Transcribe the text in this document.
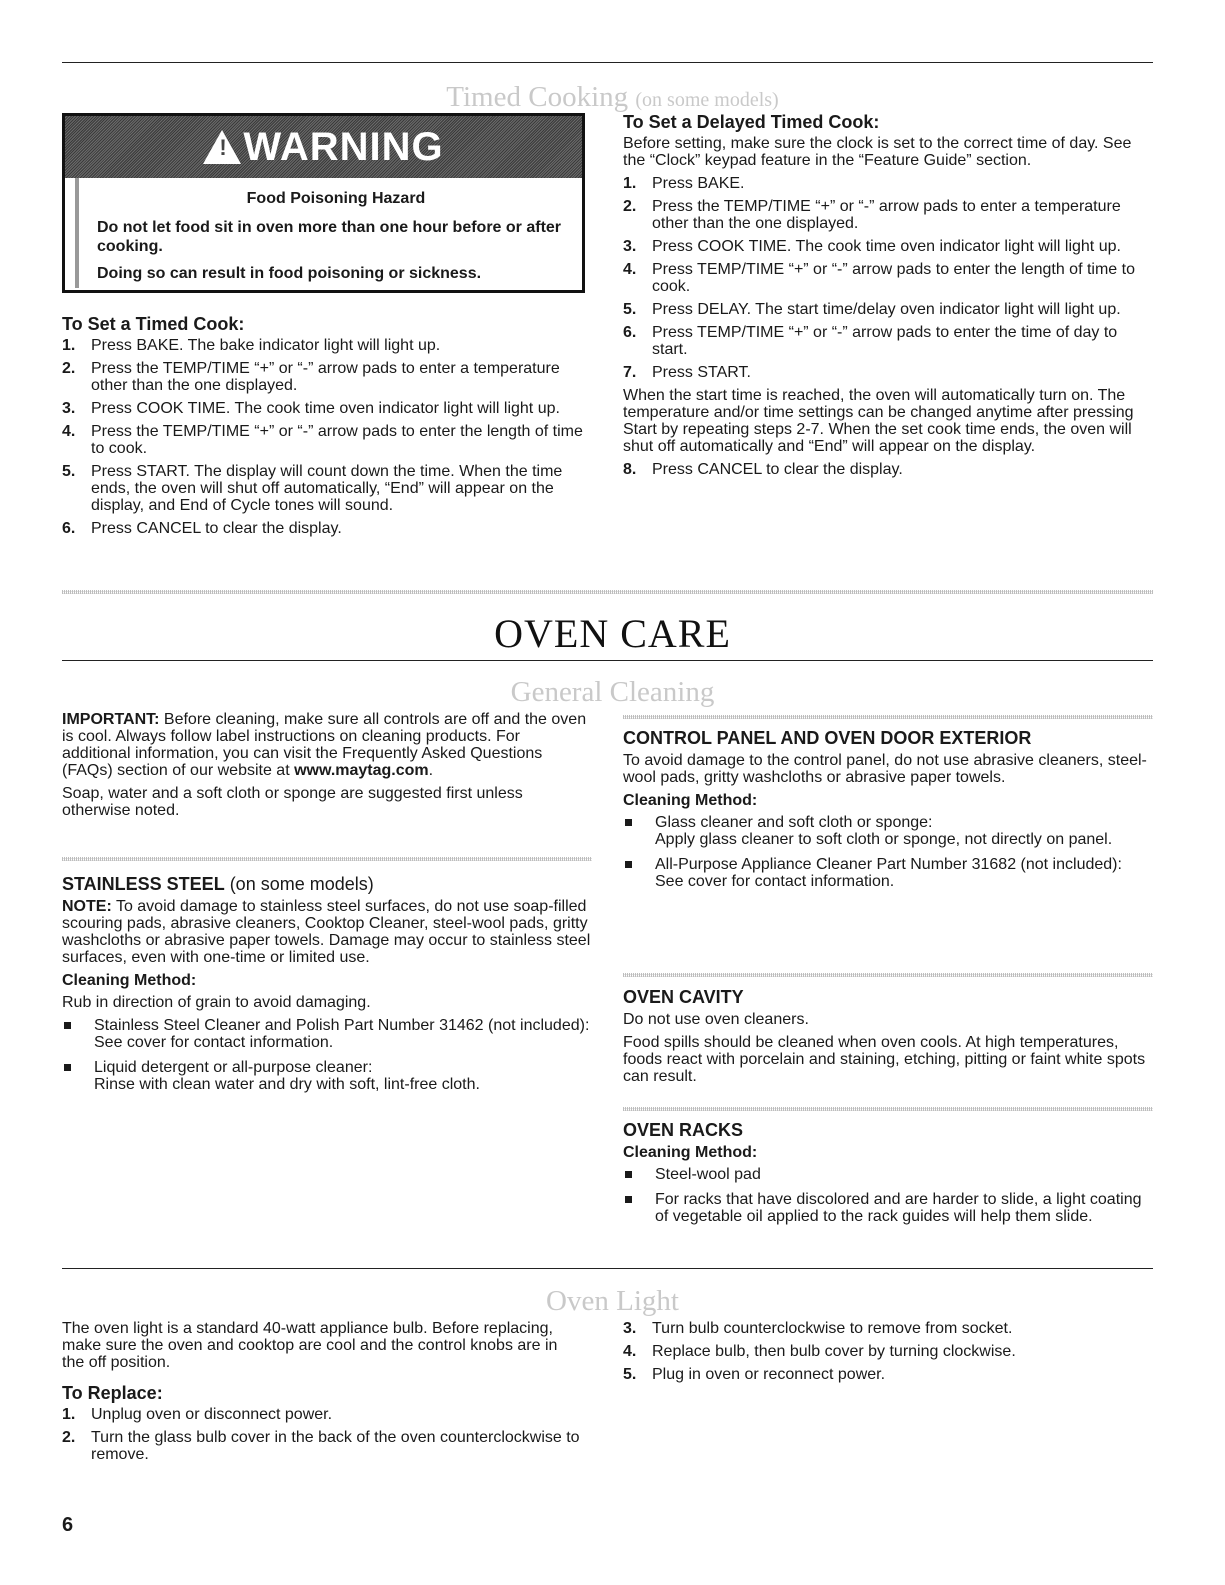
Timed Cooking (on some models)
! WARNING
Food Poisoning Hazard

Do not let food sit in oven more than one hour before or after cooking.

Doing so can result in food poisoning or sickness.

To Set a Timed Cook:
1. Press BAKE. The bake indicator light will light up.
2. Press the TEMP/TIME “+” or “-” arrow pads to enter a temperature other than the one displayed.
3. Press COOK TIME. The cook time oven indicator light will light up.
4. Press the TEMP/TIME “+” or “-” arrow pads to enter the length of time to cook.
5. Press START. The display will count down the time. When the time ends, the oven will shut off automatically, “End” will appear on the display, and End of Cycle tones will sound.
6. Press CANCEL to clear the display.
To Set a Delayed Timed Cook:

Before setting, make sure the clock is set to the correct time of day. See the “Clock” keypad feature in the “Feature Guide” section.

1. Press BAKE.
2. Press the TEMP/TIME “+” or “-” arrow pads to enter a temperature other than the one displayed.
3. Press COOK TIME. The cook time oven indicator light will light up.
4. Press TEMP/TIME “+” or “-” arrow pads to enter the length of time to cook.
5. Press DELAY. The start time/delay oven indicator light will light up.
6. Press TEMP/TIME “+” or “-” arrow pads to enter the time of day to start.
7. Press START.

When the start time is reached, the oven will automatically turn on. The temperature and/or time settings can be changed anytime after pressing Start by repeating steps 2-7. When the set cook time ends, the oven will shut off automatically and “End” will appear on the display.

8. Press CANCEL to clear the display.
OVEN CARE
General Cleaning

IMPORTANT: Before cleaning, make sure all controls are off and the oven is cool. Always follow label instructions on cleaning products. For additional information, you can visit the Frequently Asked Questions (FAQs) section of our website at www.maytag.com.

Soap, water and a soft cloth or sponge are suggested first unless otherwise noted.

STAINLESS STEEL (on some models)

NOTE: To avoid damage to stainless steel surfaces, do not use soap-filled scouring pads, abrasive cleaners, Cooktop Cleaner, steel-wool pads, gritty washcloths or abrasive paper towels. Damage may occur to stainless steel surfaces, even with one-time or limited use.

Cleaning Method:

Rub in direction of grain to avoid damaging.

Stainless Steel Cleaner and Polish Part Number 31462 (not included):
See cover for contact information.
Liquid detergent or all-purpose cleaner:
Rinse with clean water and dry with soft, lint-free cloth.
CONTROL PANEL AND OVEN DOOR EXTERIOR

To avoid damage to the control panel, do not use abrasive cleaners, steel-wool pads, gritty washcloths or abrasive paper towels.

Cleaning Method:
Glass cleaner and soft cloth or sponge:
Apply glass cleaner to soft cloth or sponge, not directly on panel.
All-Purpose Appliance Cleaner Part Number 31682 (not included):
See cover for contact information.
OVEN CAVITY

Do not use oven cleaners.

Food spills should be cleaned when oven cools. At high temperatures, foods react with porcelain and staining, etching, pitting or faint white spots can result.

OVEN RACKS
Cleaning Method:
Steel-wool pad
For racks that have discolored and are harder to slide, a light coating of vegetable oil applied to the rack guides will help them slide.
Oven Light

The oven light is a standard 40-watt appliance bulb. Before replacing, make sure the oven and cooktop are cool and the control knobs are in the off position.

To Replace:
1. Unplug oven or disconnect power.
2. Turn the glass bulb cover in the back of the oven counterclockwise to remove.
3. Turn bulb counterclockwise to remove from socket.
4. Replace bulb, then bulb cover by turning clockwise.
5. Plug in oven or reconnect power.
6
